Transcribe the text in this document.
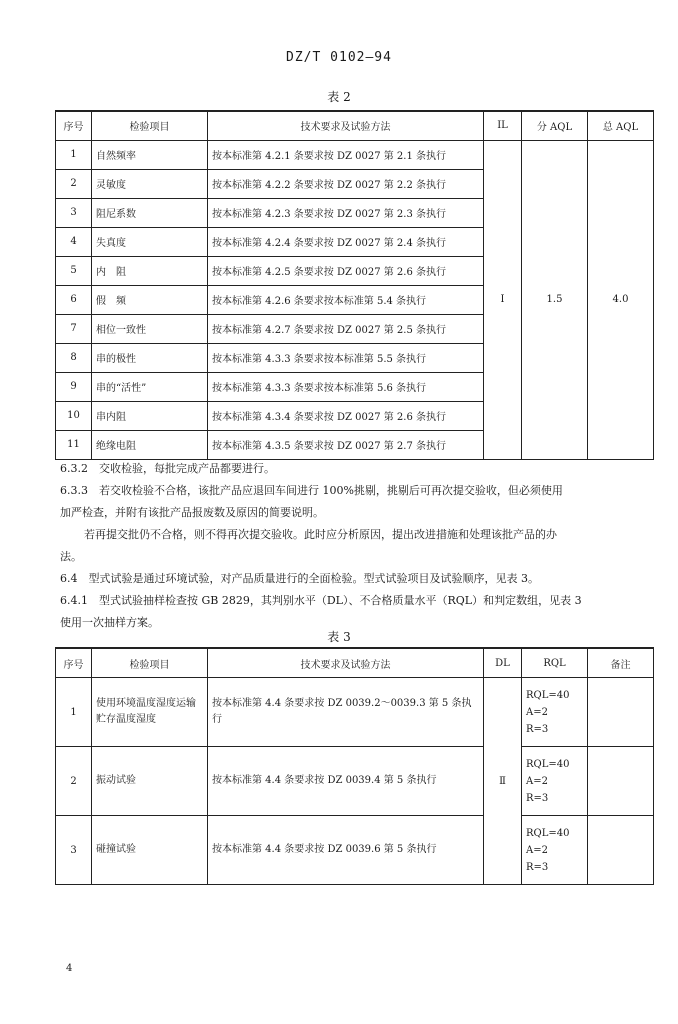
DZ/T 0102—94
表 2
序号	检验项目	技术要求及试验方法	IL	分 AQL	总 AQL
1	自然频率	按本标准第 4.2.1 条要求按 DZ 0027 第 2.1 条执行	Ⅰ	1.5	4.0
2	灵敏度	按本标准第 4.2.2 条要求按 DZ 0027 第 2.2 条执行			
3	阻尼系数	按本标准第 4.2.3 条要求按 DZ 0027 第 2.3 条执行			
4	失真度	按本标准第 4.2.4 条要求按 DZ 0027 第 2.4 条执行			
5	内　阻	按本标准第 4.2.5 条要求按 DZ 0027 第 2.6 条执行			
6	假　频	按本标准第 4.2.6 条要求按本标准第 5.4 条执行			
7	相位一致性	按本标准第 4.2.7 条要求按 DZ 0027 第 2.5 条执行			
8	串的极性	按本标准第 4.3.3 条要求按本标准第 5.5 条执行			
9	串的“活性”	按本标准第 4.3.3 条要求按本标准第 5.6 条执行			
10	串内阻	按本标准第 4.3.4 条要求按 DZ 0027 第 2.6 条执行			
11	绝缘电阻	按本标准第 4.3.5 条要求按 DZ 0027 第 2.7 条执行			
6.3.2　交收检验，每批完成产品都要进行。
6.3.3　若交收检验不合格，该批产品应退回车间进行 100%挑剔，挑剔后可再次提交验收，但必须使用
加严检查，并附有该批产品报废数及原因的简要说明。
若再提交批仍不合格，则不得再次提交验收。此时应分析原因，提出改进措施和处理该批产品的办
法。
6.4　型式试验是通过环境试验，对产品质量进行的全面检验。型式试验项目及试验顺序，见表 3。
6.4.1　型式试验抽样检查按 GB 2829，其判别水平（DL）、不合格质量水平（RQL）和判定数组，见表 3
使用一次抽样方案。
表 3
序号	检验项目	技术要求及试验方法	DL	RQL	备注
1	使用环境温度湿度运输贮存温度湿度	按本标准第 4.4 条要求按 DZ 0039.2～0039.3 第 5 条执行	Ⅱ	RQL=40
A=2
R=3	

2	振动试验	按本标准第 4.4 条要求按 DZ 0039.4 第 5 条执行		RQL=40
A=2
R=3	

3	碰撞试验	按本标准第 4.4 条要求按 DZ 0039.6 第 5 条执行		RQL=40
A=2
R=3	

4
